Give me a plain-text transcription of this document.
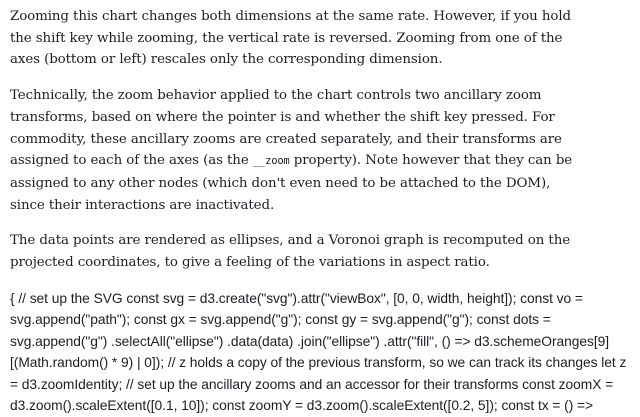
Zooming this chart changes both dimensions at the same rate. However, if you hold
the shift key while zooming, the vertical rate is reversed. Zooming from one of the
axes (bottom or left) rescales only the corresponding dimension.

Technically, the zoom behavior applied to the chart controls two ancillary zoom
transforms, based on where the pointer is and whether the shift key pressed. For
commodity, these ancillary zooms are created separately, and their transforms are
assigned to each of the axes (as the __zoom property). Note however that they can be
assigned to any other nodes (which don't even need to be attached to the DOM),
since their interactions are inactivated.

The data points are rendered as ellipses, and a Voronoi graph is recomputed on the
projected coordinates, to give a feeling of the variations in aspect ratio.

{ // set up the SVG const svg = d3.create("svg").attr("viewBox", [0, 0, width, height]); const vo =
svg.append("path"); const gx = svg.append("g"); const gy = svg.append("g"); const dots =
svg.append("g") .selectAll("ellipse") .data(data) .join("ellipse") .attr("fill", () => d3.schemeOranges[9]
[(Math.random() * 9) | 0]); // z holds a copy of the previous transform, so we can track its changes let z
= d3.zoomIdentity; // set up the ancillary zooms and an accessor for their transforms const zoomX =
d3.zoom().scaleExtent([0.1, 10]); const zoomY = d3.zoom().scaleExtent([0.2, 5]); const tx = () =>
